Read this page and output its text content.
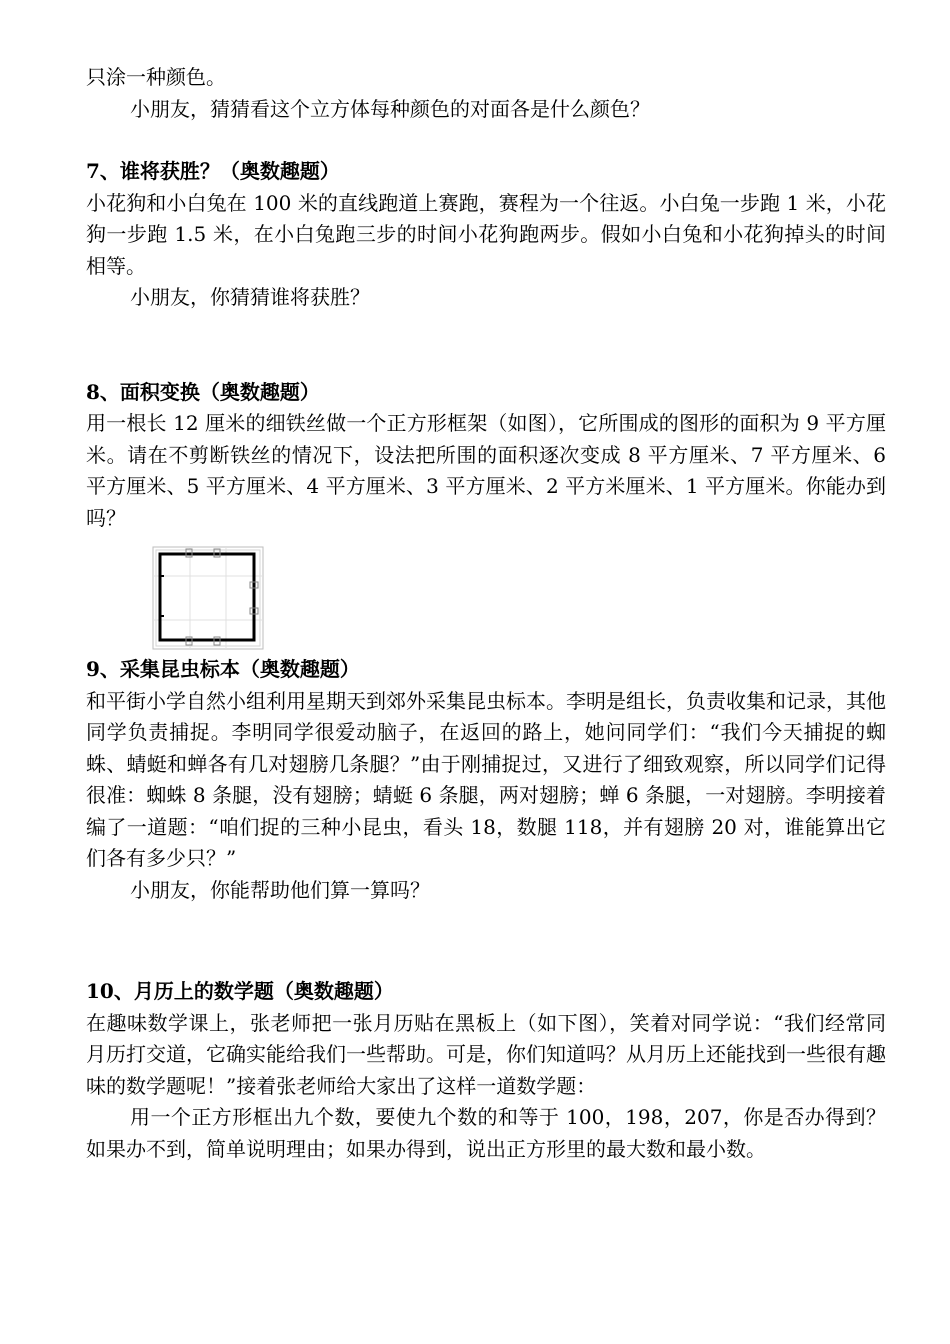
只涂一种颜色。

小朋友，猜猜看这个立方体每种颜色的对面各是什么颜色？

7、谁将获胜？（奥数趣题）

小花狗和小白兔在 100 米的直线跑道上赛跑，赛程为一个往返。小白兔一步跑 1 米，小花狗一步跑 1.5 米，在小白兔跑三步的时间小花狗跑两步。假如小白兔和小花狗掉头的时间相等。

小朋友，你猜猜谁将获胜？

8、面积变换（奥数趣题）

用一根长 12 厘米的细铁丝做一个正方形框架（如图），它所围成的图形的面积为 9 平方厘米。请在不剪断铁丝的情况下，设法把所围的面积逐次变成 8 平方厘米、7 平方厘米、6 平方厘米、5 平方厘米、4 平方厘米、3 平方厘米、2 平方米厘米、1 平方厘米。你能办到吗？

9、采集昆虫标本（奥数趣题）

和平街小学自然小组利用星期天到郊外采集昆虫标本。李明是组长，负责收集和记录，其他同学负责捕捉。李明同学很爱动脑子，在返回的路上，她问同学们：“我们今天捕捉的蜘蛛、蜻蜓和蝉各有几对翅膀几条腿？”由于刚捕捉过，又进行了细致观察，所以同学们记得很准：蜘蛛 8 条腿，没有翅膀；蜻蜓 6 条腿，两对翅膀；蝉 6 条腿，一对翅膀。李明接着编了一道题：“咱们捉的三种小昆虫，看头 18，数腿 118，并有翅膀 20 对，谁能算出它们各有多少只？”

小朋友，你能帮助他们算一算吗？

10、月历上的数学题（奥数趣题）

在趣味数学课上，张老师把一张月历贴在黑板上（如下图），笑着对同学说：“我们经常同月历打交道，它确实能给我们一些帮助。可是，你们知道吗？从月历上还能找到一些很有趣味的数学题呢！”接着张老师给大家出了这样一道数学题：

用一个正方形框出九个数，要使九个数的和等于 100，198，207，你是否办得到？如果办不到，简单说明理由；如果办得到，说出正方形里的最大数和最小数。
